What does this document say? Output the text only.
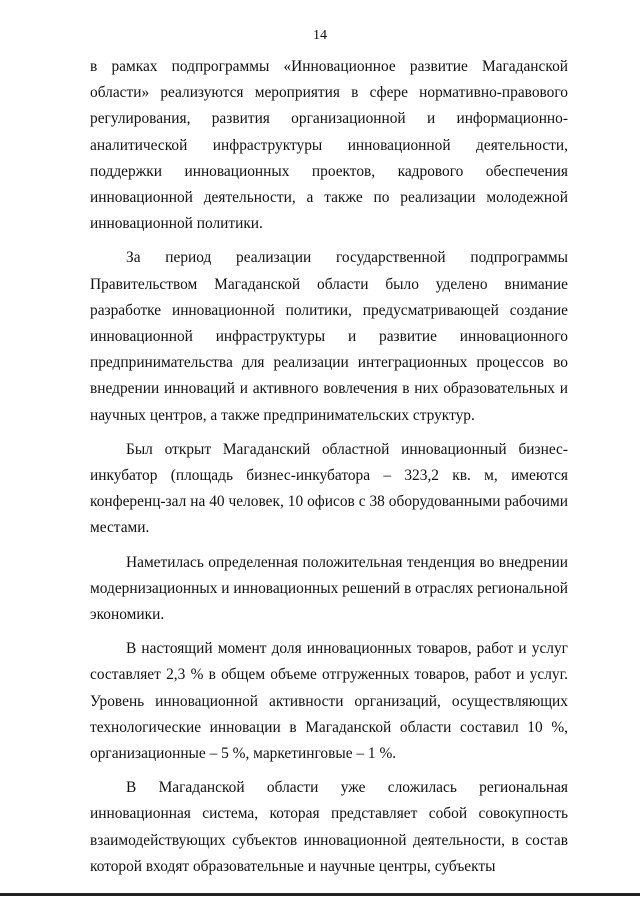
14

в рамках подпрограммы «Инновационное развитие Магаданской области» реализуются мероприятия в сфере нормативно-правового регулирования, развития организационной и информационно-аналитической инфраструктуры инновационной деятельности, поддержки инновационных проектов, кадрового обеспечения инновационной деятельности, а также по реализации молодежной инновационной политики.

За период реализации государственной подпрограммы Правительством Магаданской области было уделено внимание разработке инновационной политики, предусматривающей создание инновационной инфраструктуры и развитие инновационного предпринимательства для реализации интеграционных процессов во внедрении инноваций и активного вовлечения в них образовательных и научных центров, а также предпринимательских структур.

Был открыт Магаданский областной инновационный бизнес-инкубатор (площадь бизнес-инкубатора – 323,2 кв. м, имеются конференц-зал на 40 человек, 10 офисов с 38 оборудованными рабочими местами.

Наметилась определенная положительная тенденция во внедрении модернизационных и инновационных решений в отраслях региональной экономики.

В настоящий момент доля инновационных товаров, работ и услуг составляет 2,3 % в общем объеме отгруженных товаров, работ и услуг. Уровень инновационной активности организаций, осуществляющих технологические инновации в Магаданской области составил 10 %, организационные – 5 %, маркетинговые – 1 %.

В Магаданской области уже сложилась региональная инновационная система, которая представляет собой совокупность взаимодействующих субъектов инновационной деятельности, в состав которой входят образовательные и научные центры, субъекты
